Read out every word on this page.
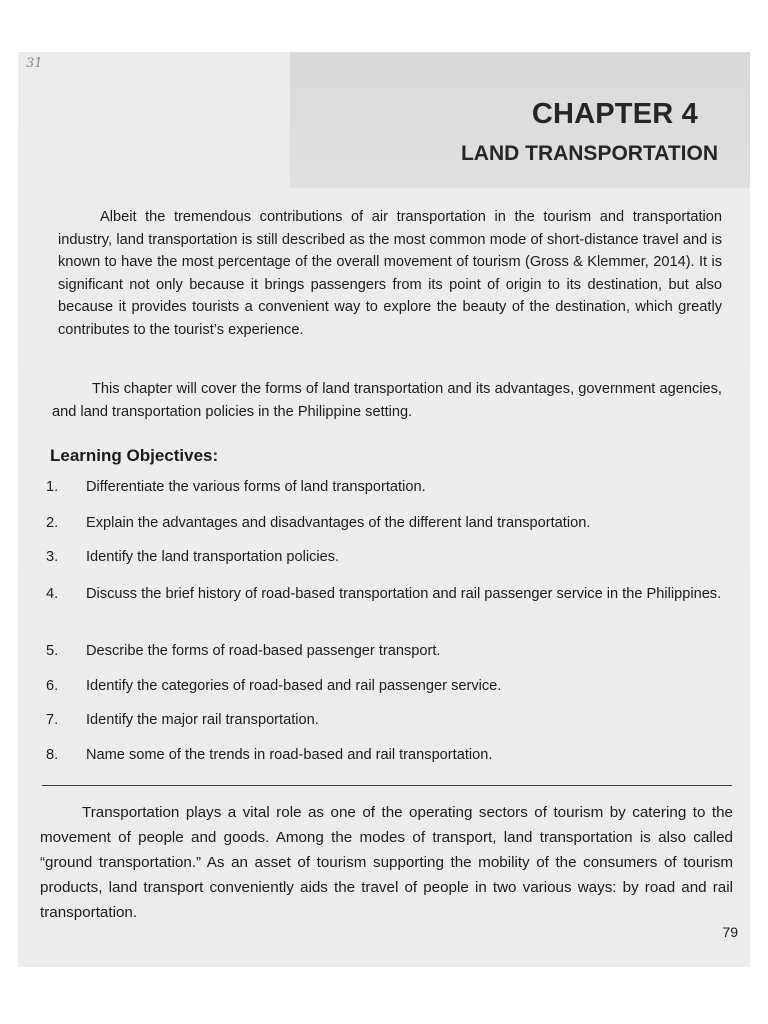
31
CHAPTER 4
LAND TRANSPORTATION

Albeit the tremendous contributions of air transportation in the tourism and transportation industry, land transportation is still described as the most common mode of short-distance travel and is known to have the most percentage of the overall movement of tourism (Gross & Klemmer, 2014). It is significant not only because it brings passengers from its point of origin to its destination, but also because it provides tourists a convenient way to explore the beauty of the destination, which greatly contributes to the tourist’s experience.

This chapter will cover the forms of land transportation and its advantages, government agencies, and land transportation policies in the Philippine setting.

Learning Objectives:
1.	Differentiate the various forms of land transportation.
2.	Explain the advantages and disadvantages of the different land transportation.
3.	Identify the land transportation policies.
4.	Discuss the brief history of road-based transportation and rail passenger service in the Philippines.
5.	Describe the forms of road-based passenger transport.
6.	Identify the categories of road-based and rail passenger service.
7.	Identify the major rail transportation.
8.	Name some of the trends in road-based and rail transportation.

Transportation plays a vital role as one of the operating sectors of tourism by catering to the movement of people and goods. Among the modes of transport, land transportation is also called “ground transportation.” As an asset of tourism supporting the mobility of the consumers of tourism products, land transport conveniently aids the travel of people in two various ways: by road and rail transportation.

79
